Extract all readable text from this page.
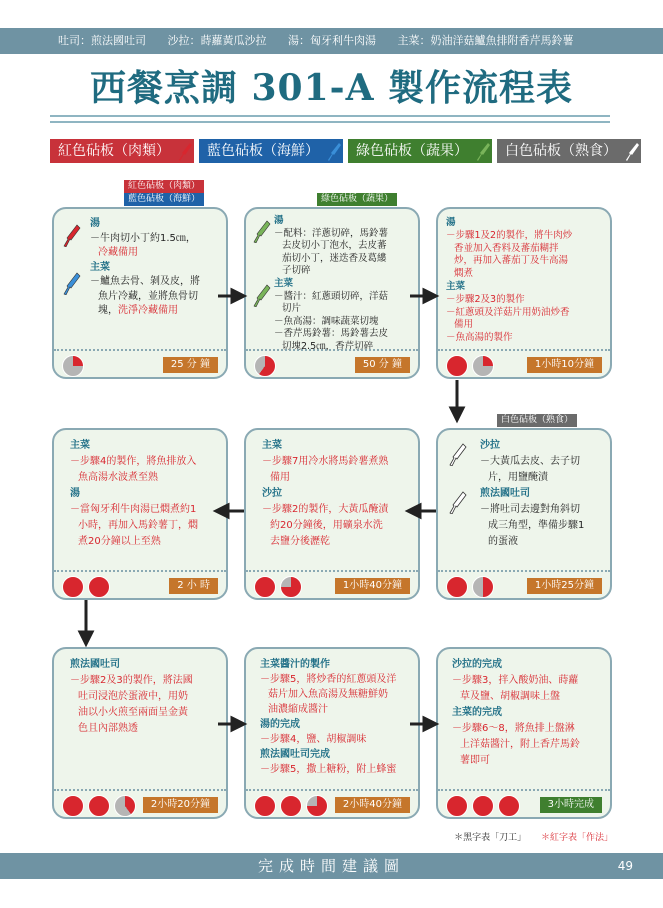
吐司：煎法國吐司 沙拉：蒔蘿黃瓜沙拉 湯：匈牙利牛肉湯 主菜：奶油洋菇鱸魚排附香芹馬鈴薯
西餐烹調 301-A 製作流程表
紅色砧板（肉類）	藍色砧板（海鮮）	綠色砧板（蔬果）	白色砧板（熟食）
紅色砧板（肉類）
藍色砧板（海鮮）	綠色砧板（蔬果）
白色砧板（熟食）
湯
－牛肉切小丁約1.5㎝，
冷藏備用
主菜
－鱸魚去骨、剝及皮，將
魚片冷藏，並將魚骨切
塊，洗淨冷藏備用
25 分 鐘
湯
－配料：洋蔥切碎，馬鈴薯
去皮切小丁泡水，去皮蕃
茄切小丁，迷迭香及葛縷
子切碎
主菜
－醬汁：紅蔥頭切碎，洋菇
切片
－魚高湯：調味蔬菜切塊
－香芹馬鈴薯：馬鈴薯去皮
切塊2.5㎝，香芹切碎
50 分 鐘
湯
－步驟1及2的製作，將牛肉炒
香並加入香料及蕃茄糊拌
炒，再加入蕃茄丁及牛高湯
燜煮
主菜
－步驟2及3的製作
－紅蔥頭及洋菇片用奶油炒香
備用
－魚高湯的製作
1小時10分鐘
沙拉
－大黃瓜去皮、去子切
片，用鹽醃漬
煎法國吐司
－將吐司去邊對角斜切
成三角型，準備步驟1
的蛋液
1小時25分鐘
主菜
－步驟7用冷水將馬鈴薯煮熟
備用
沙拉
－步驟2的製作，大黃瓜醃漬
約20分鐘後，用礦泉水洗
去鹽分後瀝乾
1小時40分鐘
主菜
－步驟4的製作，將魚排放入
魚高湯水波煮至熟
湯
－當匈牙利牛肉湯已燜煮約1
小時，再加入馬鈴薯丁，燜
煮20分鐘以上至熟
2 小 時
煎法國吐司
－步驟2及3的製作，將法國
吐司浸泡於蛋液中，用奶
油以小火煎至兩面呈金黃
色且內部熟透
2小時20分鐘
主菜醬汁的製作
－步驟5，將炒香的紅蔥頭及洋
菇片加入魚高湯及無糖鮮奶
油濃縮成醬汁
湯的完成
－步驟4，鹽、胡椒調味
煎法國吐司完成
－步驟5，撒上糖粉，附上蜂蜜
2小時40分鐘
沙拉的完成
－步驟3，拌入酸奶油、蒔蘿
草及鹽、胡椒調味上盤
主菜的完成
－步驟6～8，將魚排上盤淋
上洋菇醬汁，附上香芹馬鈴
薯即可
3小時完成
＊黑字表「刀工」 ＊紅字表「作法」
完成時間建議圖	49
